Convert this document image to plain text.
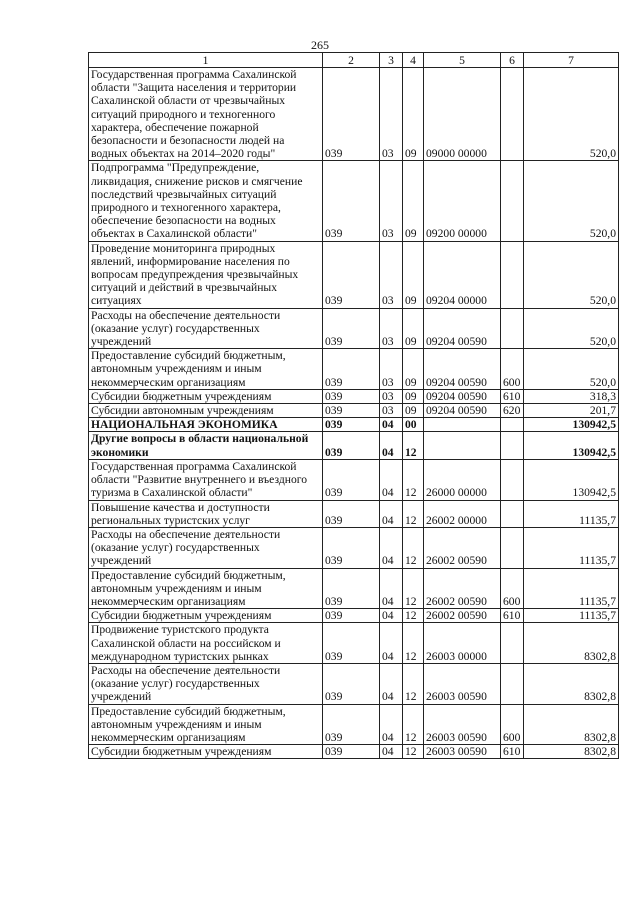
265
1	2	3	4	5	6	7
Государственная программа Сахалинской области "Защита населения и территории Сахалинской области от чрезвычайных ситуаций природного и техногенного характера, обеспечение пожарной безопасности и безопасности людей на водных объектах на 2014–2020 годы"	039	03	09	09000 00000		520,0
Подпрограмма "Предупреждение, ликвидация, снижение рисков и смягчение последствий чрезвычайных ситуаций природного и техногенного характера, обеспечение безопасности на водных объектах в Сахалинской области"	039	03	09	09200 00000		520,0
Проведение мониторинга природных явлений, информирование населения по вопросам предупреждения чрезвычайных ситуаций и действий в чрезвычайных ситуациях	039	03	09	09204 00000		520,0
Расходы на обеспечение деятельности (оказание услуг) государственных учреждений	039	03	09	09204 00590		520,0
Предоставление субсидий бюджетным, автономным учреждениям и иным некоммерческим организациям	039	03	09	09204 00590	600	520,0
Субсидии бюджетным учреждениям	039	03	09	09204 00590	610	318,3
Субсидии автономным учреждениям	039	03	09	09204 00590	620	201,7
НАЦИОНАЛЬНАЯ ЭКОНОМИКА	039	04	00			130942,5
Другие вопросы в области национальной экономики	039	04	12			130942,5
Государственная программа Сахалинской области "Развитие внутреннего и въездного туризма в Сахалинской области"	039	04	12	26000 00000		130942,5
Повышение качества и доступности региональных туристских услуг	039	04	12	26002 00000		11135,7
Расходы на обеспечение деятельности (оказание услуг) государственных учреждений	039	04	12	26002 00590		11135,7
Предоставление субсидий бюджетным, автономным учреждениям и иным некоммерческим организациям	039	04	12	26002 00590	600	11135,7
Субсидии бюджетным учреждениям	039	04	12	26002 00590	610	11135,7
Продвижение туристского продукта Сахалинской области на российском и международном туристских рынках	039	04	12	26003 00000		8302,8
Расходы на обеспечение деятельности (оказание услуг) государственных учреждений	039	04	12	26003 00590		8302,8
Предоставление субсидий бюджетным, автономным учреждениям и иным некоммерческим организациям	039	04	12	26003 00590	600	8302,8
Субсидии бюджетным учреждениям	039	04	12	26003 00590	610	8302,8
